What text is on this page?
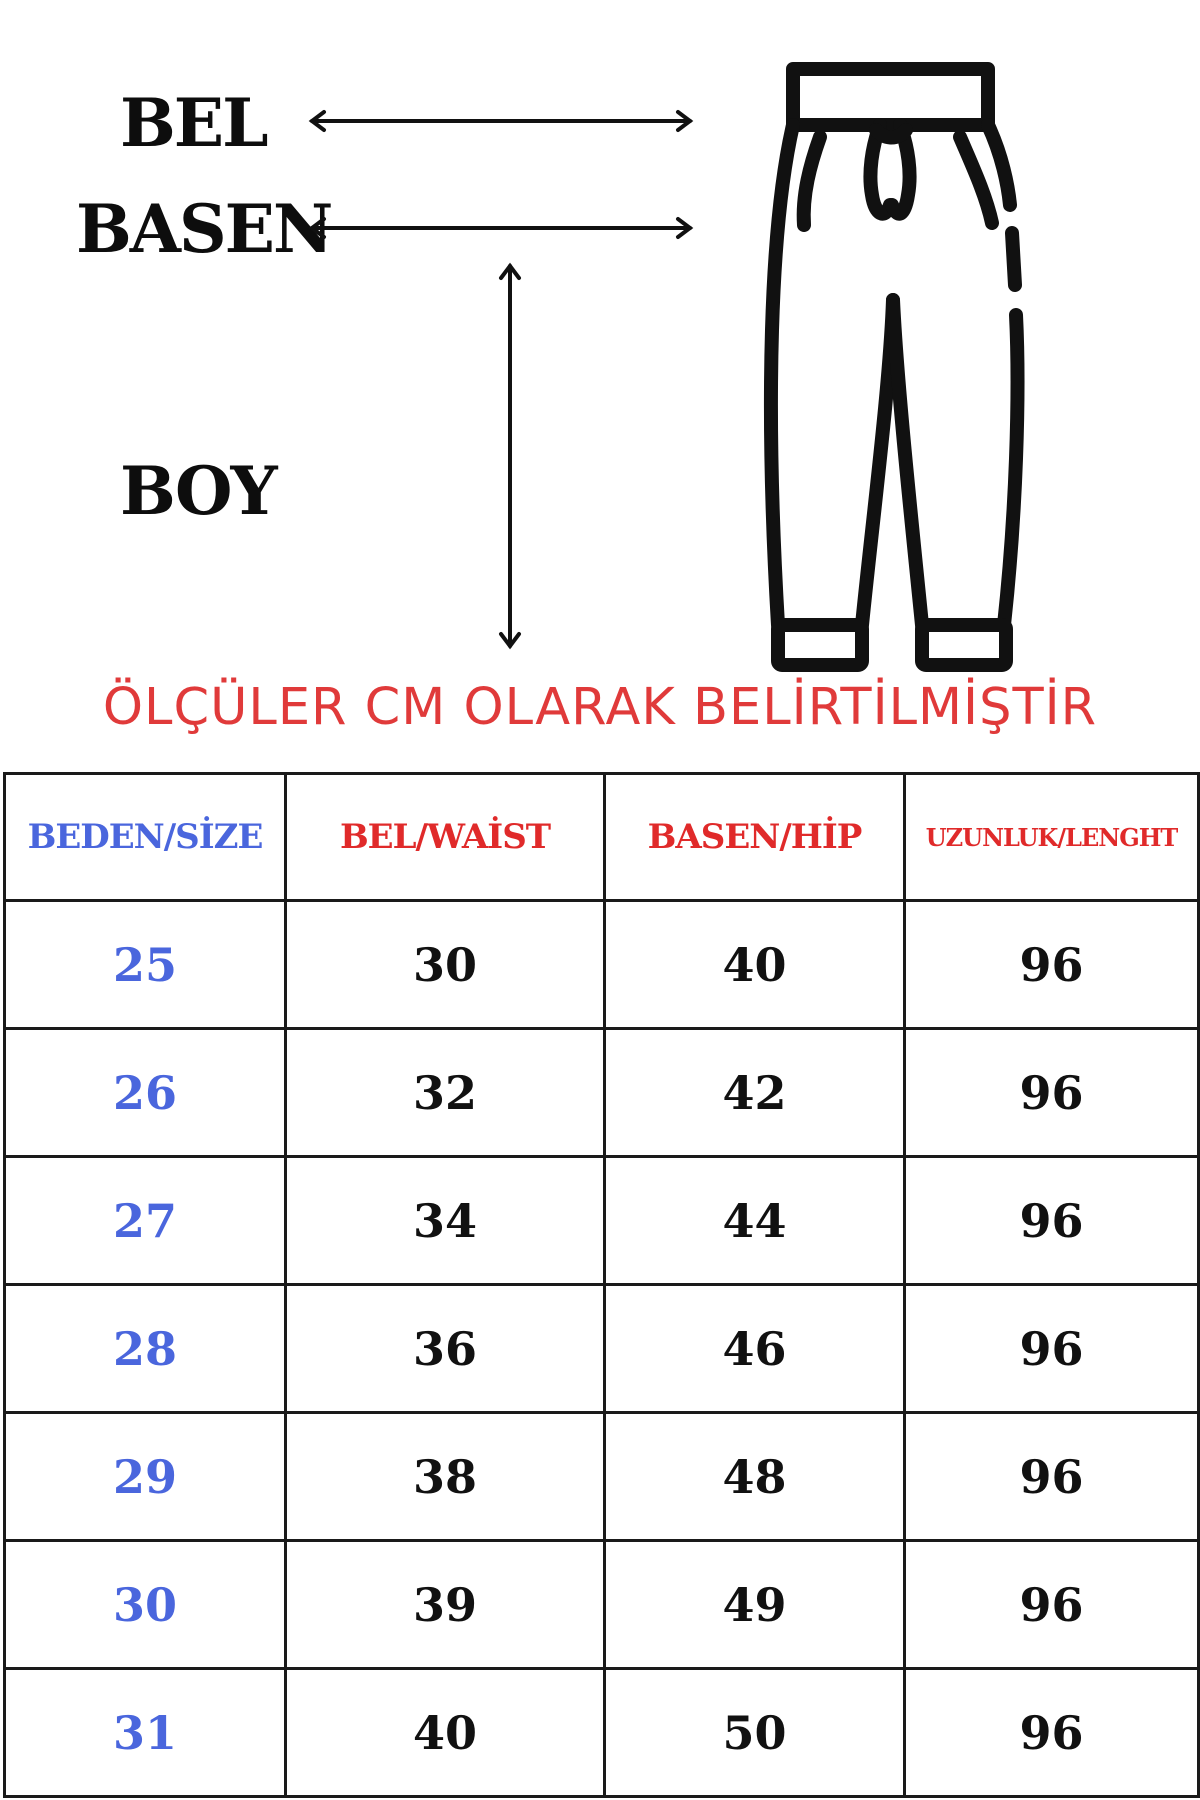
BEL
BASEN
BOY
ÖLÇÜLER CM OLARAK BELİRTİLMİŞTİR
BEDEN/SİZE	BEL/WAİST	BASEN/HİP	UZUNLUK/LENGHT
25	30	40	96
26	32	42	96
27	34	44	96
28	36	46	96
29	38	48	96
30	39	49	96
31	40	50	96
